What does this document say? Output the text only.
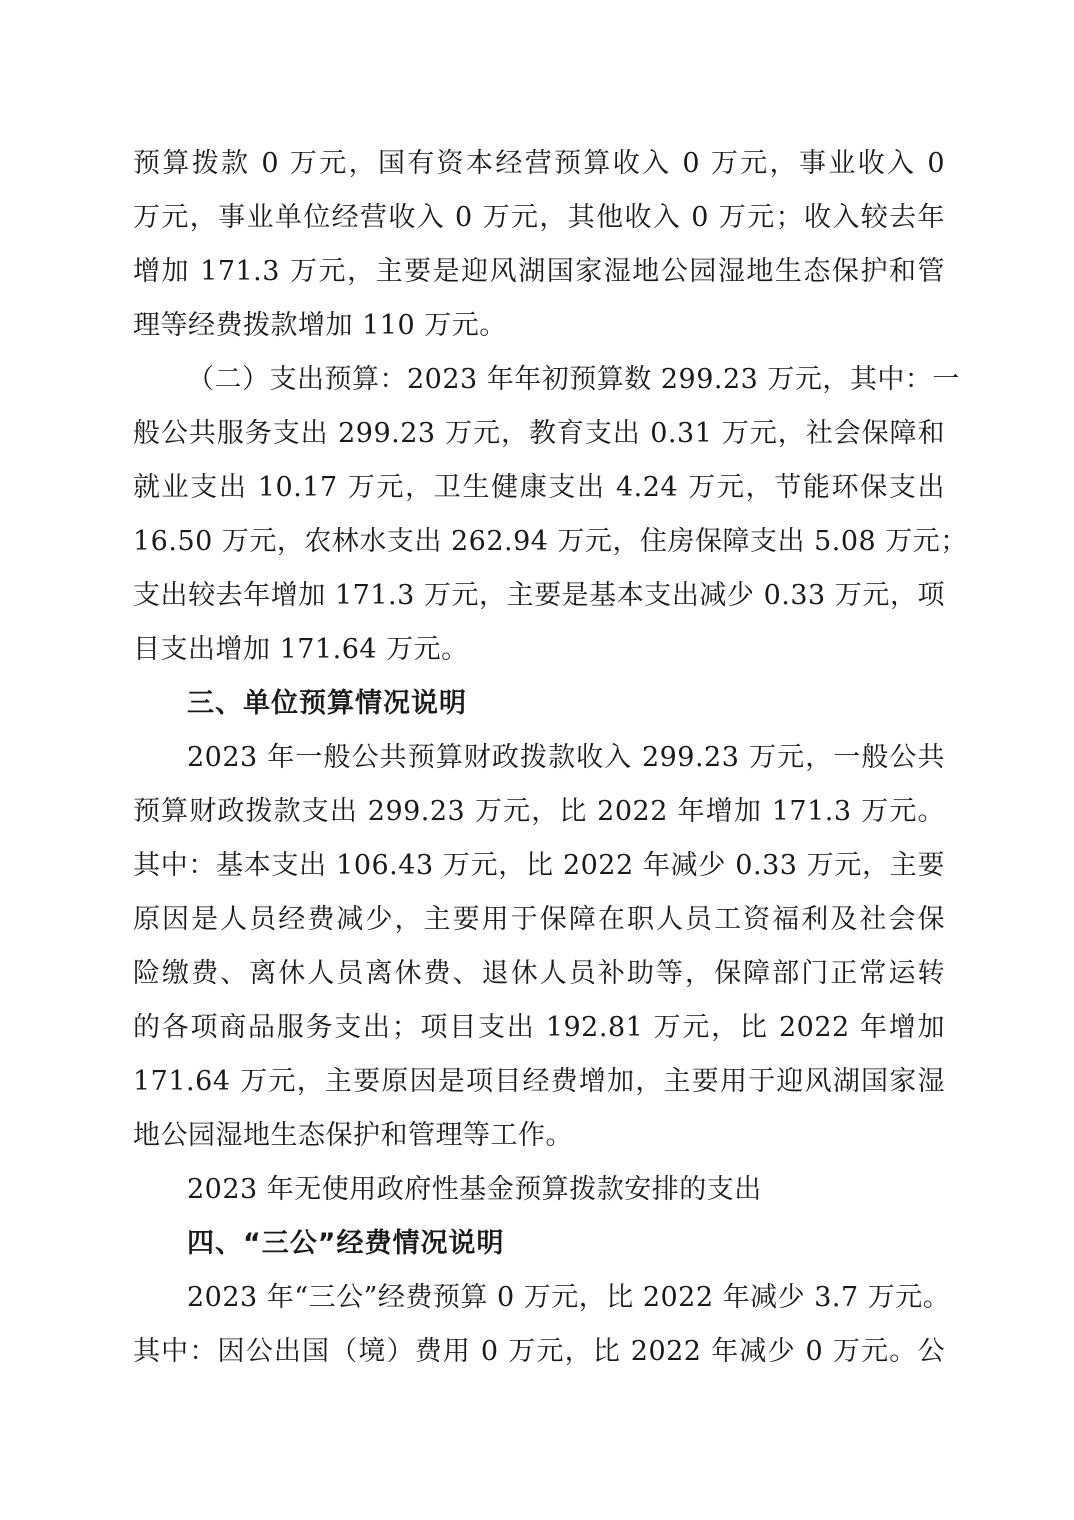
预算拨款 0 万元，国有资本经营预算收入 0 万元，事业收入 0
万元，事业单位经营收入 0 万元，其他收入 0 万元；收入较去年
增加 171.3 万元，主要是迎风湖国家湿地公园湿地生态保护和管
理等经费拨款增加 110 万元。
（二）支出预算：2023 年年初预算数 299.23 万元，其中：一
般公共服务支出 299.23 万元，教育支出 0.31 万元，社会保障和
就业支出 10.17 万元，卫生健康支出 4.24 万元，节能环保支出
16.50 万元，农林水支出 262.94 万元，住房保障支出 5.08 万元；
支出较去年增加 171.3 万元，主要是基本支出减少 0.33 万元，项
目支出增加 171.64 万元。
三、单位预算情况说明
2023 年一般公共预算财政拨款收入 299.23 万元，一般公共
预算财政拨款支出 299.23 万元，比 2022 年增加 171.3 万元。
其中：基本支出 106.43 万元，比 2022 年减少 0.33 万元，主要
原因是人员经费减少，主要用于保障在职人员工资福利及社会保
险缴费、离休人员离休费、退休人员补助等，保障部门正常运转
的各项商品服务支出；项目支出 192.81 万元，比 2022 年增加
171.64 万元，主要原因是项目经费增加，主要用于迎风湖国家湿
地公园湿地生态保护和管理等工作。
2023 年无使用政府性基金预算拨款安排的支出
四、“三公”经费情况说明
2023 年“三公”经费预算 0 万元，比 2022 年减少 3.7 万元。
其中：因公出国（境）费用 0 万元，比 2022 年减少 0 万元。公
